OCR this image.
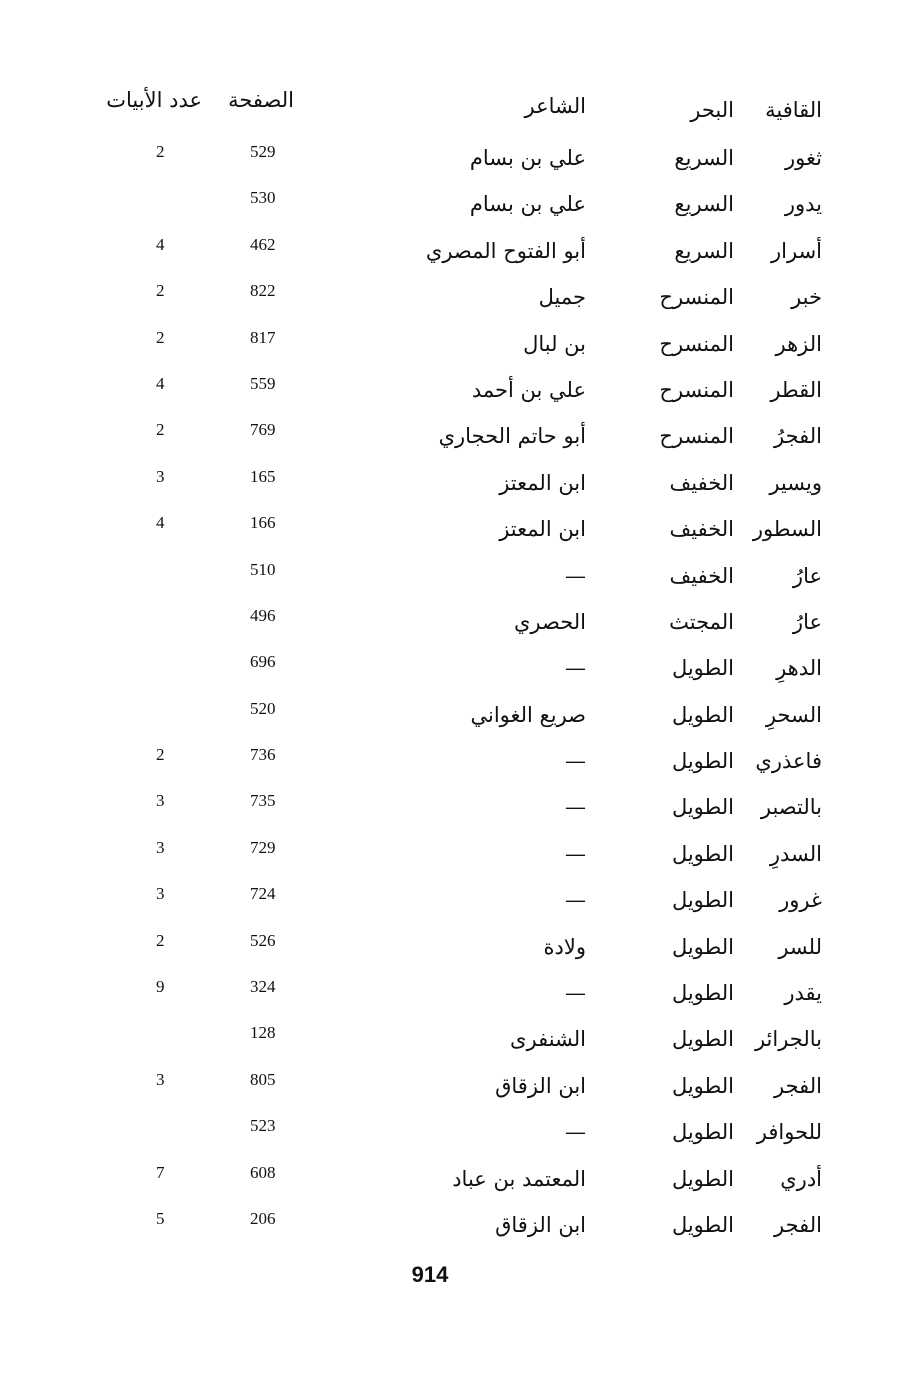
القافية
البحر
الشاعر
الصفحة
عدد الأبيات
ثغور
السريع
علي بن بسام
529
2
يدور
السريع
علي بن بسام
530
أسرار
السريع
أبو الفتوح المصري
462
4
خبر
المنسرح
جميل
822
2
الزهر
المنسرح
بن لبال
817
2
القطر
المنسرح
علي بن أحمد
559
4
الفجرُ
المنسرح
أبو حاتم الحجاري
769
2
ويسير
الخفيف
ابن المعتز
165
3
السطور
الخفيف
ابن المعتز
166
4
عارُ
الخفيف
—
510
عارُ
المجتث
الحصري
496
الدهرِ
الطويل
—
696
السحرِ
الطويل
صريع الغواني
520
فاعذري
الطويل
—
736
2
بالتصبر
الطويل
—
735
3
السدرِ
الطويل
—
729
3
غرور
الطويل
—
724
3
للسر
الطويل
ولادة
526
2
يقدر
الطويل
—
324
9
بالجرائر
الطويل
الشنفرى
128
الفجر
الطويل
ابن الزقاق
805
3
للحوافر
الطويل
—
523
أدري
الطويل
المعتمد بن عباد
608
7
الفجر
الطويل
ابن الزقاق
206
5
914
